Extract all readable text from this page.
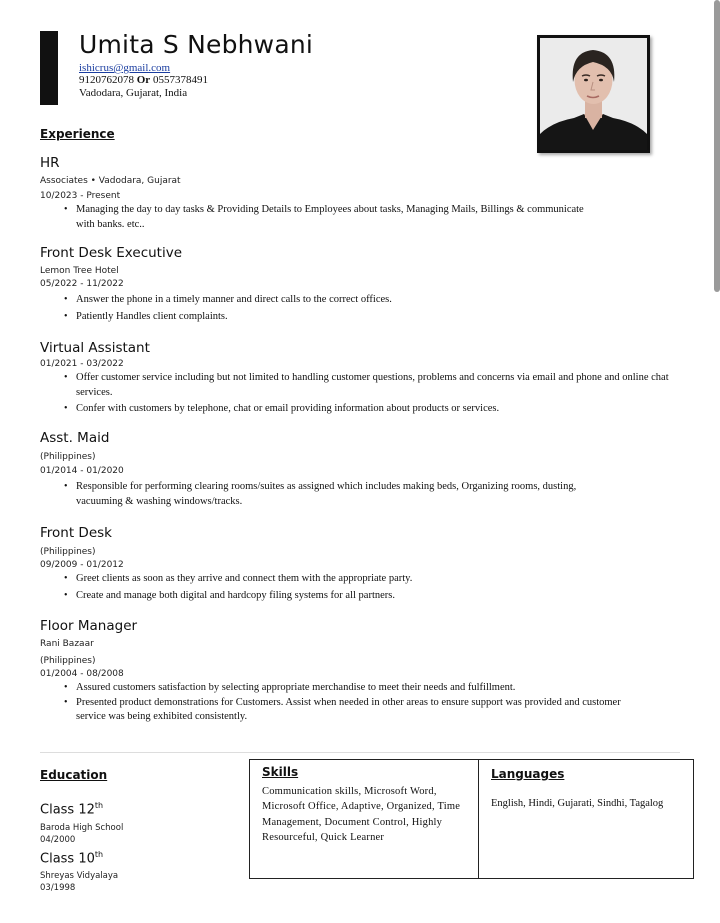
Umita S Nebhwani
ishicrus@gmail.com
9120762078 Or 0557378491
Vadodara, Gujarat, India
Experience
HR
Associates • Vadodara, Gujarat
10/2023 - Present
• Managing the day to day tasks & Providing Details to Employees about tasks, Managing Mails, Billings & communicate with banks. etc..
Front Desk Executive
Lemon Tree Hotel
05/2022 - 11/2022
• Answer the phone in a timely manner and direct calls to the correct offices.
• Patiently Handles client complaints.
Virtual Assistant
01/2021 - 03/2022
• Offer customer service including but not limited to handling customer questions, problems and concerns via email and phone and online chat services.
• Confer with customers by telephone, chat or email providing information about products or services.
Asst. Maid
(Philippines)
01/2014 - 01/2020
• Responsible for performing clearing rooms/suites as assigned which includes making beds, Organizing rooms, dusting, vacuuming & washing windows/tracks.
Front Desk
(Philippines)
09/2009 - 01/2012
• Greet clients as soon as they arrive and connect them with the appropriate party.
• Create and manage both digital and hardcopy filing systems for all partners.
Floor Manager
Rani Bazaar
(Philippines)
01/2004 - 08/2008
• Assured customers satisfaction by selecting appropriate merchandise to meet their needs and fulfillment.
• Presented product demonstrations for Customers. Assist when needed in other areas to ensure support was provided and customer service was being exhibited consistently.
Education
Class 12th
Baroda High School
04/2000
Class 10th
Shreyas Vidyalaya
03/1998
Skills
Communication skills, Microsoft Word, Microsoft Office, Adaptive, Organized, Time Management, Document Control, Highly Resourceful, Quick Learner
Languages
English, Hindi, Gujarati, Sindhi, Tagalog
